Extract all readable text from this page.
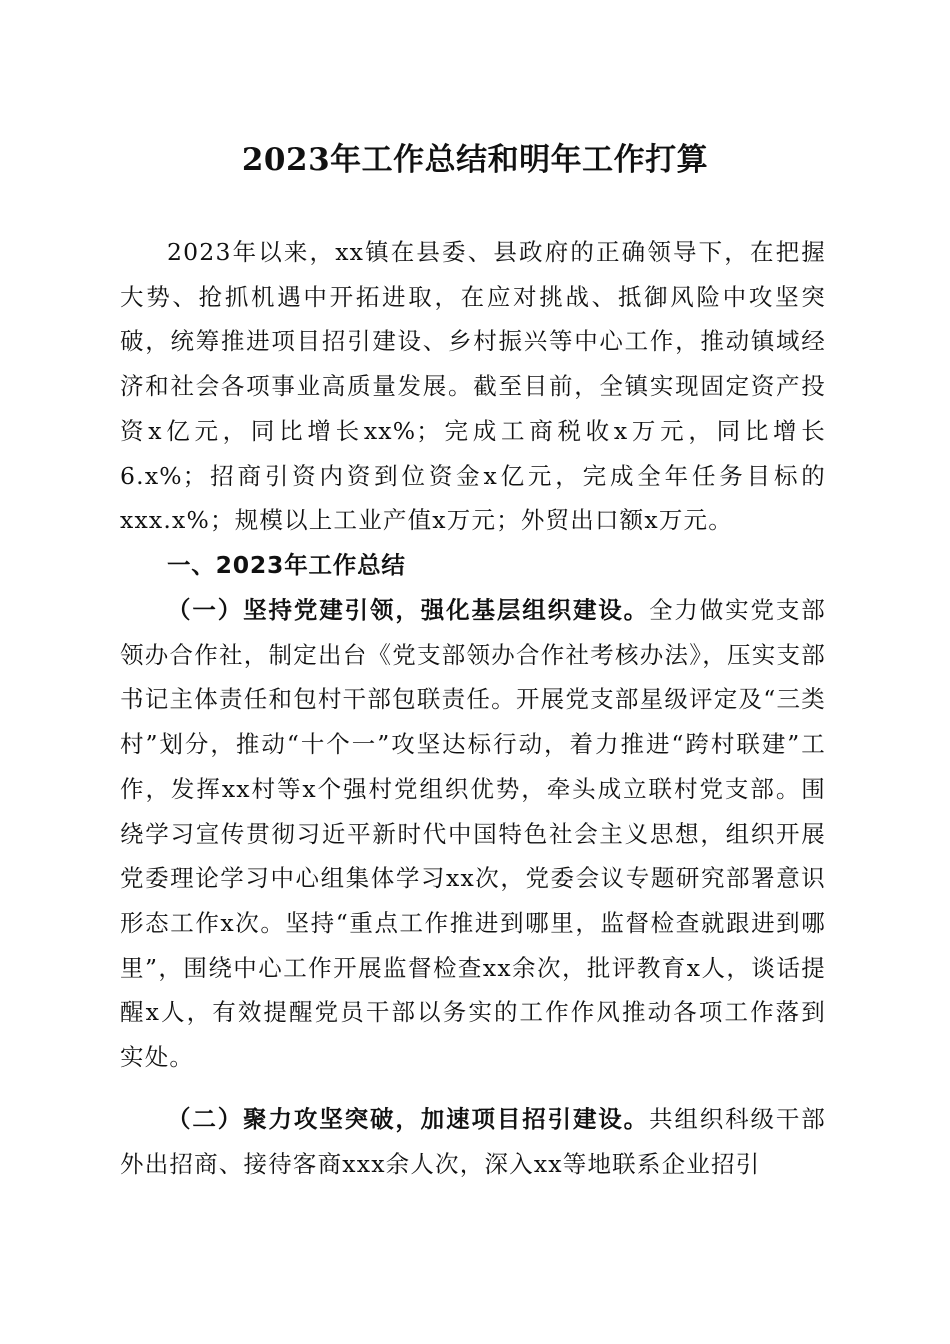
2023年工作总结和明年工作打算

2023年以来，xx镇在县委、县政府的正确领导下，在把握大势、抢抓机遇中开拓进取，在应对挑战、抵御风险中攻坚突破，统筹推进项目招引建设、乡村振兴等中心工作，推动镇域经济和社会各项事业高质量发展。截至目前，全镇实现固定资产投资x亿元，同比增长xx%；完成工商税收x万元，同比增长6.x%；招商引资内资到位资金x亿元，完成全年任务目标的xxx.x%；规模以上工业产值x万元；外贸出口额x万元。

一、2023年工作总结

（一）坚持党建引领，强化基层组织建设。全力做实党支部领办合作社，制定出台《党支部领办合作社考核办法》，压实支部书记主体责任和包村干部包联责任。开展党支部星级评定及“三类村”划分，推动“十个一”攻坚达标行动，着力推进“跨村联建”工作，发挥xx村等x个强村党组织优势，牵头成立联村党支部。围绕学习宣传贯彻习近平新时代中国特色社会主义思想，组织开展党委理论学习中心组集体学习xx次，党委会议专题研究部署意识形态工作x次。坚持“重点工作推进到哪里，监督检查就跟进到哪里”，围绕中心工作开展监督检查xx余次，批评教育x人，谈话提醒x人，有效提醒党员干部以务实的工作作风推动各项工作落到实处。

（二）聚力攻坚突破，加速项目招引建设。共组织科级干部外出招商、接待客商xxx余人次，深入xx等地联系企业招引
